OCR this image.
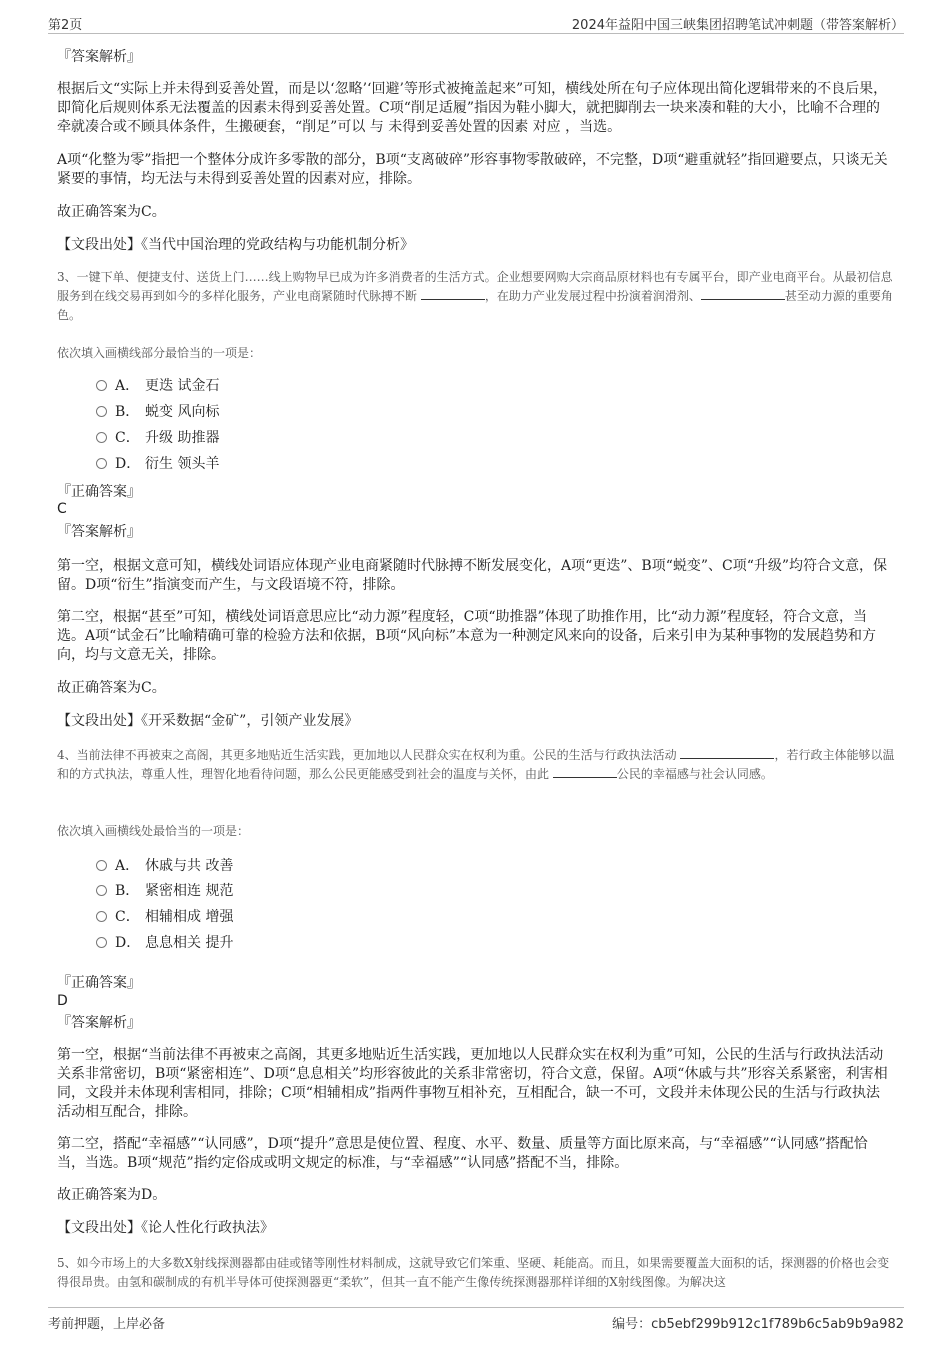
第2页	2024年益阳中国三峡集团招聘笔试冲刺题（带答案解析）
『答案解析』
根据后文“实际上并未得到妥善处置，而是以‘忽略’‘回避’等形式被掩盖起来”可知，横线处所在句子应体现出简化逻辑带来的不良后果，即简化后规则体系无法覆盖的因素未得到妥善处置。C项“削足适履”指因为鞋小脚大，就把脚削去一块来凑和鞋的大小，比喻不合理的牵就凑合或不顾具体条件，生搬硬套，“削足”可以 与 未得到妥善处置的因素 对应 ，当选。
A项“化整为零”指把一个整体分成许多零散的部分，B项“支离破碎”形容事物零散破碎，不完整，D项“避重就轻”指回避要点，只谈无关紧要的事情，均无法与未得到妥善处置的因素对应，排除。
故正确答案为C。
【文段出处】《当代中国治理的党政结构与功能机制分析》
3、一键下单、便捷支付、送货上门……线上购物早已成为许多消费者的生活方式。企业想要网购大宗商品原材料也有专属平台，即产业电商平台。从最初信息服务到在线交易再到如今的多样化服务，产业电商紧随时代脉搏不断	，在助力产业发展过程中扮演着润滑剂、	甚至动力源的重要角色。
依次填入画横线部分最恰当的一项是：
A． 更迭 试金石
B． 蜕变 风向标
C． 升级 助推器
D． 衍生 领头羊
『正确答案』
C
『答案解析』
第一空，根据文意可知，横线处词语应体现产业电商紧随时代脉搏不断发展变化，A项“更迭”、B项“蜕变”、C项“升级”均符合文意，保留。D项“衍生”指演变而产生，与文段语境不符，排除。
第二空，根据“甚至”可知，横线处词语意思应比“动力源”程度轻，C项“助推器”体现了助推作用，比“动力源”程度轻，符合文意，当选。A项“试金石”比喻精确可靠的检验方法和依据，B项“风向标”本意为一种测定风来向的设备，后来引申为某种事物的发展趋势和方向，均与文意无关，排除。
故正确答案为C。
【文段出处】《开采数据“金矿”，引领产业发展》
4、当前法律不再被束之高阁，其更多地贴近生活实践，更加地以人民群众实在权利为重。公民的生活与行政执法活动	，若行政主体能够以温和的方式执法，尊重人性，理智化地看待问题，那么公民更能感受到社会的温度与关怀，由此	公民的幸福感与社会认同感。
依次填入画横线处最恰当的一项是：
A． 休戚与共 改善
B． 紧密相连 规范
C． 相辅相成 增强
D． 息息相关 提升
『正确答案』
D
『答案解析』
第一空，根据“当前法律不再被束之高阁，其更多地贴近生活实践，更加地以人民群众实在权利为重”可知，公民的生活与行政执法活动关系非常密切，B项“紧密相连”、D项“息息相关”均形容彼此的关系非常密切，符合文意，保留。A项“休戚与共”形容关系紧密，利害相同，文段并未体现利害相同，排除；C项“相辅相成”指两件事物互相补充，互相配合，缺一不可，文段并未体现公民的生活与行政执法活动相互配合，排除。
第二空，搭配“幸福感”“认同感”，D项“提升”意思是使位置、程度、水平、数量、质量等方面比原来高，与“幸福感”“认同感”搭配恰当，当选。B项“规范”指约定俗成或明文规定的标准，与“幸福感”“认同感”搭配不当，排除。
故正确答案为D。
【文段出处】《论人性化行政执法》
5、如今市场上的大多数X射线探测器都由硅或锗等刚性材料制成，这就导致它们笨重、坚硬、耗能高。而且，如果需要覆盖大面积的话，探测器的价格也会变得很昂贵。由氢和碳制成的有机半导体可使探测器更“柔软”，但其一直不能产生像传统探测器那样详细的X射线图像。为解决这
考前押题，上岸必备	编号：cb5ebf299b912c1f789b6c5ab9b9a982
